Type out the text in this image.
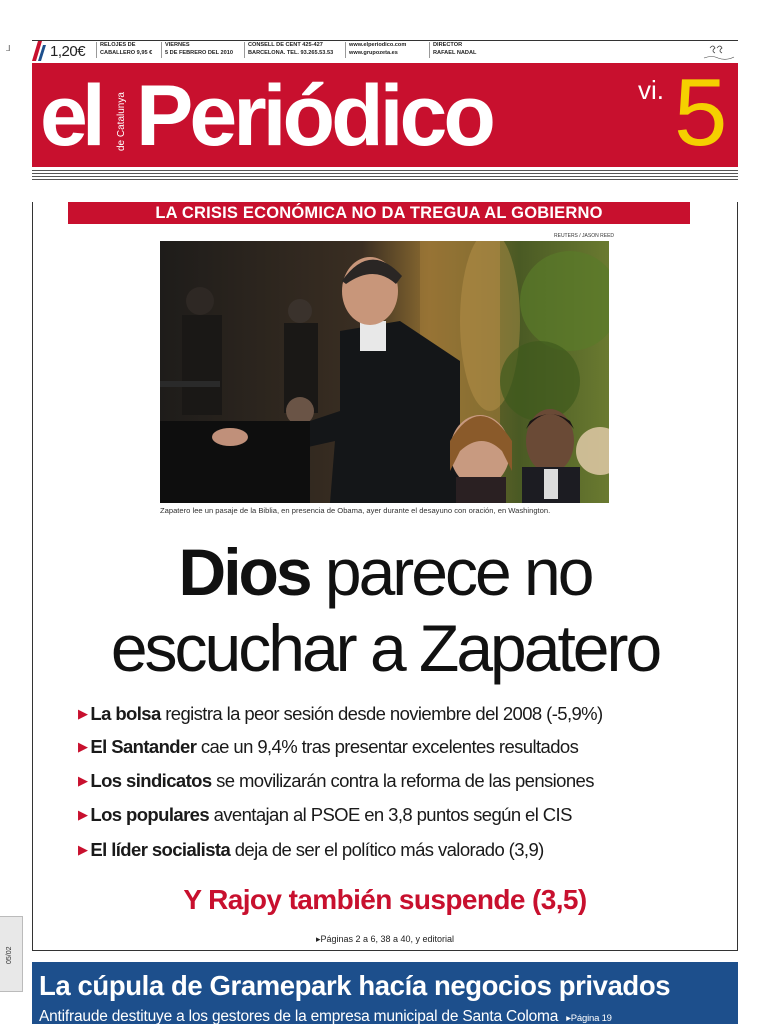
⅃	1,20€	RELOJES DE
CABALLERO 9,95 €
VIERNES
5 DE FEBRERO DEL 2010
CONSELL DE CENT 425-427
BARCELONA. TEL. 93.265.53.53
www.elperiodico.com
www.grupozeta.es
DIRECTOR
RAFAEL NADAL
el de Catalunya Periódico	vi. 5
LA CRISIS ECONÓMICA NO DA TREGUA AL GOBIERNO
REUTERS / JASON REED
Zapatero lee un pasaje de la Biblia, en presencia de Obama, ayer durante el desayuno con oración, en Washington.
Dios parece no
escuchar a Zapatero
▶ La bolsa registra la peor sesión desde noviembre del 2008 (-5,9%)
▶ El Santander cae un 9,4% tras presentar excelentes resultados
▶ Los sindicatos se movilizarán contra la reforma de las pensiones
▶ Los populares aventajan al PSOE en 3,8 puntos según el CIS
▶ El líder socialista deja de ser el político más valorado (3,9)
Y Rajoy también suspende (3,5)
▸Páginas 2 a 6, 38 a 40, y editorial
05/02
La cúpula de Gramepark hacía negocios privados
Antifraude destituye a los gestores de la empresa municipal de Santa Coloma ▸Página 19
